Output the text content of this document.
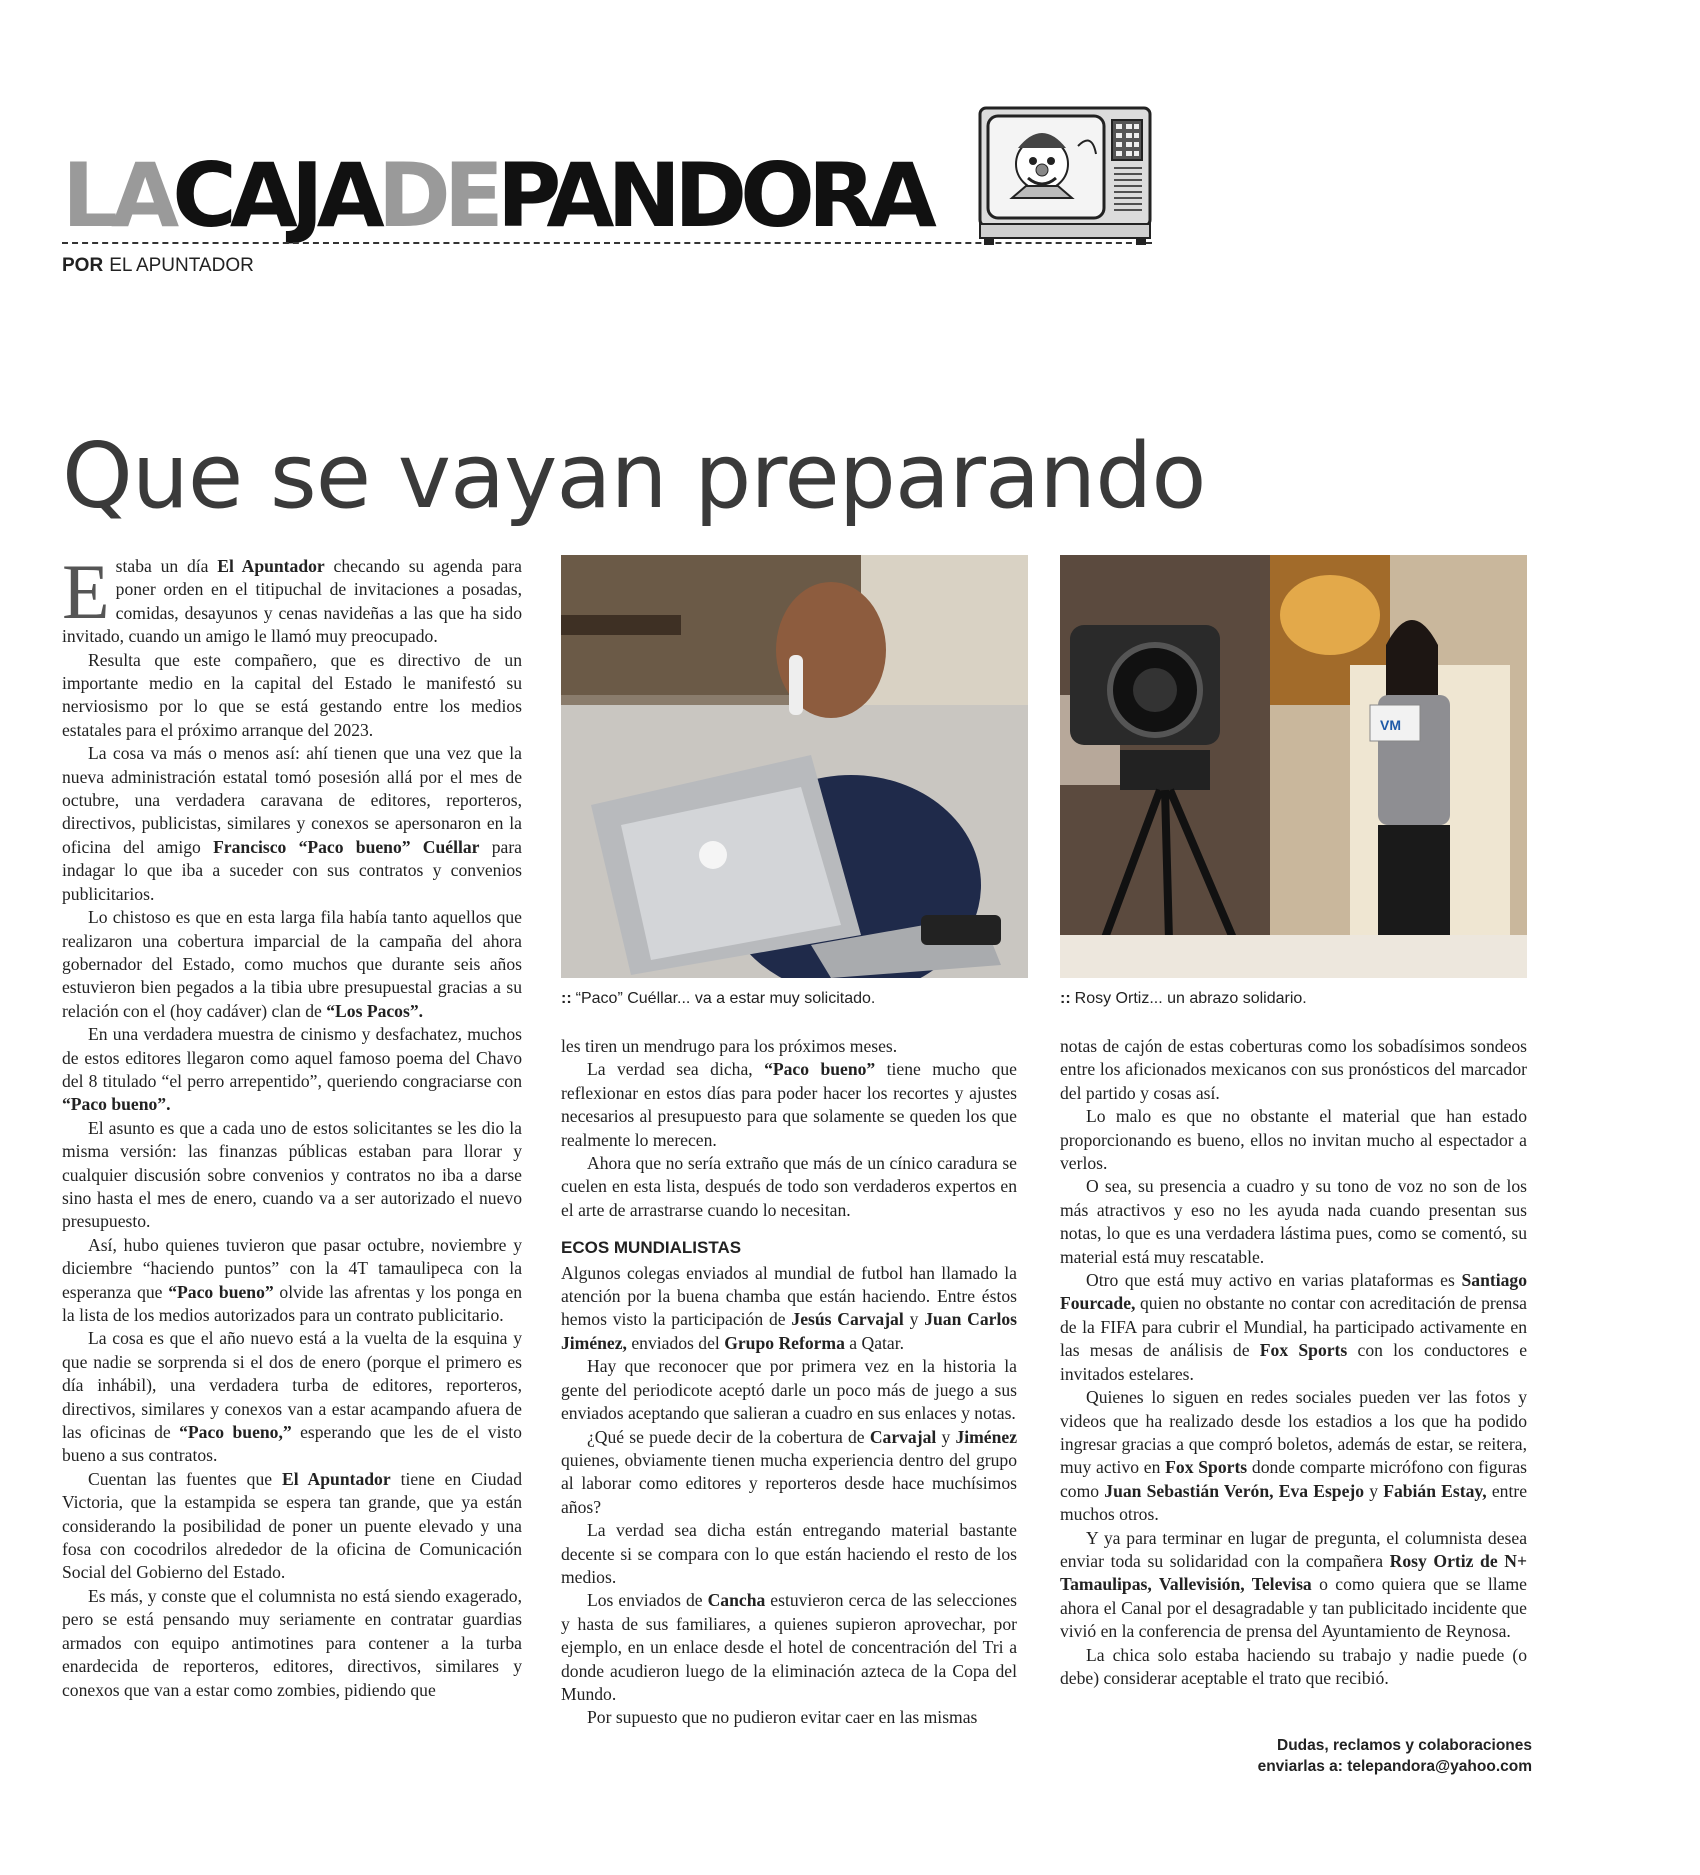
LACAJADEPANDORA
POR EL APUNTADOR
Que se vayan preparando

Estaba un día El Apuntador checando su agenda para poner orden en el titipuchal de invitaciones a posadas, comidas, desayunos y cenas navideñas a las que ha sido invitado, cuando un amigo le llamó muy preocupado.

Resulta que este compañero, que es directivo de un importante medio en la capital del Estado le manifestó su nerviosismo por lo que se está gestando entre los medios estatales para el próximo arranque del 2023.

La cosa va más o menos así: ahí tienen que una vez que la nueva administración estatal tomó posesión allá por el mes de octubre, una verdadera caravana de editores, reporteros, directivos, publicistas, similares y conexos se apersonaron en la oficina del amigo Francisco “Paco bueno” Cuéllar para indagar lo que iba a suceder con sus contratos y convenios publicitarios.

Lo chistoso es que en esta larga fila había tanto aquellos que realizaron una cobertura imparcial de la campaña del ahora gobernador del Estado, como muchos que durante seis años estuvieron bien pegados a la tibia ubre presupuestal gracias a su relación con el (hoy cadáver) clan de “Los Pacos”.

En una verdadera muestra de cinismo y desfachatez, muchos de estos editores llegaron como aquel famoso poema del Chavo del 8 titulado “el perro arrepentido”, queriendo congraciarse con “Paco bueno”.

El asunto es que a cada uno de estos solicitantes se les dio la misma versión: las finanzas públicas estaban para llorar y cualquier discusión sobre convenios y contratos no iba a darse sino hasta el mes de enero, cuando va a ser autorizado el nuevo presupuesto.

Así, hubo quienes tuvieron que pasar octubre, noviembre y diciembre “haciendo puntos” con la 4T tamaulipeca con la esperanza que “Paco bueno” olvide las afrentas y los ponga en la lista de los medios autorizados para un contrato publicitario.

La cosa es que el año nuevo está a la vuelta de la esquina y que nadie se sorprenda si el dos de enero (porque el primero es día inhábil), una verdadera turba de editores, reporteros, directivos, similares y conexos van a estar acampando afuera de las oficinas de “Paco bueno,” esperando que les de el visto bueno a sus contratos.

Cuentan las fuentes que El Apuntador tiene en Ciudad Victoria, que la estampida se espera tan grande, que ya están considerando la posibilidad de poner un puente elevado y una fosa con cocodrilos alrededor de la oficina de Comunicación Social del Gobierno del Estado.

Es más, y conste que el columnista no está siendo exagerado, pero se está pensando muy seriamente en contratar guardias armados con equipo antimotines para contener a la turba enardecida de reporteros, editores, directivos, similares y conexos que van a estar como zombies, pidiendo que

:: “Paco” Cuéllar... va a estar muy solicitado.
VM
:: Rosy Ortiz... un abrazo solidario.

les tiren un mendrugo para los próximos meses.

La verdad sea dicha, “Paco bueno” tiene mucho que reflexionar en estos días para poder hacer los recortes y ajustes necesarios al presupuesto para que solamente se queden los que realmente lo merecen.

Ahora que no sería extraño que más de un cínico caradura se cuelen en esta lista, después de todo son verdaderos expertos en el arte de arrastrarse cuando lo necesitan.

ECOS MUNDIALISTAS

Algunos colegas enviados al mundial de futbol han llamado la atención por la buena chamba que están haciendo. Entre éstos hemos visto la participación de Jesús Carvajal y Juan Carlos Jiménez, enviados del Grupo Reforma a Qatar.

Hay que reconocer que por primera vez en la historia la gente del periodicote aceptó darle un poco más de juego a sus enviados aceptando que salieran a cuadro en sus enlaces y notas.

¿Qué se puede decir de la cobertura de Carvajal y Jiménez quienes, obviamente tienen mucha experiencia dentro del grupo al laborar como editores y reporteros desde hace muchísimos años?

La verdad sea dicha están entregando material bastante decente si se compara con lo que están haciendo el resto de los medios.

Los enviados de Cancha estuvieron cerca de las selecciones y hasta de sus familiares, a quienes supieron aprovechar, por ejemplo, en un enlace desde el hotel de concentración del Tri a donde acudieron luego de la eliminación azteca de la Copa del Mundo.

Por supuesto que no pudieron evitar caer en las mismas

notas de cajón de estas coberturas como los sobadísimos sondeos entre los aficionados mexicanos con sus pronósticos del marcador del partido y cosas así.

Lo malo es que no obstante el material que han estado proporcionando es bueno, ellos no invitan mucho al espectador a verlos.

O sea, su presencia a cuadro y su tono de voz no son de los más atractivos y eso no les ayuda nada cuando presentan sus notas, lo que es una verdadera lástima pues, como se comentó, su material está muy rescatable.

Otro que está muy activo en varias plataformas es Santiago Fourcade, quien no obstante no contar con acreditación de prensa de la FIFA para cubrir el Mundial, ha participado activamente en las mesas de análisis de Fox Sports con los conductores e invitados estelares.

Quienes lo siguen en redes sociales pueden ver las fotos y videos que ha realizado desde los estadios a los que ha podido ingresar gracias a que compró boletos, además de estar, se reitera, muy activo en Fox Sports donde comparte micrófono con figuras como Juan Sebastián Verón, Eva Espejo y Fabián Estay, entre muchos otros.

Y ya para terminar en lugar de pregunta, el columnista desea enviar toda su solidaridad con la compañera Rosy Ortiz de N+ Tamaulipas, Vallevisión, Televisa o como quiera que se llame ahora el Canal por el desagradable y tan publicitado incidente que vivió en la conferencia de prensa del Ayuntamiento de Reynosa.

La chica solo estaba haciendo su trabajo y nadie puede (o debe) considerar aceptable el trato que recibió.

Dudas, reclamos y colaboraciones
enviarlas a: telepandora@yahoo.com
